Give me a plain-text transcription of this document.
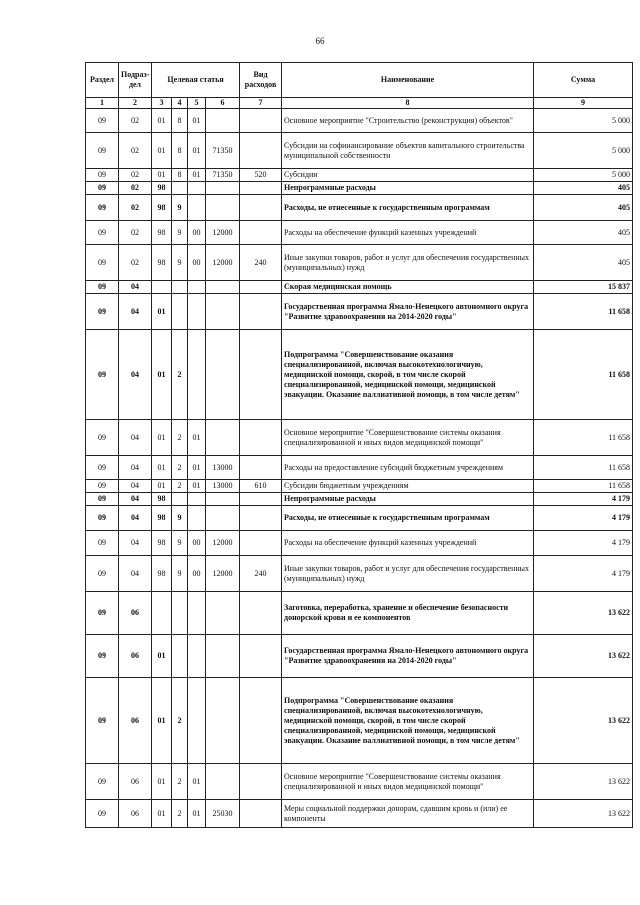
66
Раздел	Подраз-дел	Целевая статья				Вид расходов	Наименование	Сумма
1	2	3	4	5	6	7	8	9
09	02	01	8	01			Основное мероприятие "Строительство (реконструкция) объектов"	5 000
09	02	01	8	01	71350		Субсидии на софинансирование объектов капитального строительства муниципальной собственности	5 000
09	02	01	8	01	71350	520	Субсидии	5 000
09	02	98					Непрограммные расходы	405
09	02	98	9				Расходы, не отнесенные к государственным программам	405
09	02	98	9	00	12000		Расходы на обеспечение функций казенных учреждений	405
09	02	98	9	00	12000	240	Иные закупки товаров, работ и услуг для обеспечения государственных (муниципальных) нужд	405
09	04						Скорая медицинская помощь	15 837
09	04	01					Государственная программа Ямало-Ненецкого автономного округа "Развитие здравоохранения на 2014-2020 годы"	11 658
09	04	01	2				Подпрограмма "Совершенствование оказания специализированной, включая высокотехнологичную, медицинской помощи, скорой, в том числе скорой специализированной, медицинской помощи, медицинской эвакуации. Оказание паллиативной помощи, в том числе детям"	11 658
09	04	01	2	01			Основное мероприятие "Совершенствование системы оказания специализированной и иных видов медицинской помощи"	11 658
09	04	01	2	01	13000		Расходы на предоставление субсидий бюджетным учреждениям	11 658
09	04	01	2	01	13000	610	Субсидии бюджетным учреждениям	11 658
09	04	98					Непрограммные расходы	4 179
09	04	98	9				Расходы, не отнесенные к государственным программам	4 179
09	04	98	9	00	12000		Расходы на обеспечение функций казенных учреждений	4 179
09	04	98	9	00	12000	240	Иные закупки товаров, работ и услуг для обеспечения государственных (муниципальных) нужд	4 179
09	06						Заготовка, переработка, хранение и обеспечение безопасности донорской крови и ее компонентов	13 622
09	06	01					Государственная программа Ямало-Ненецкого автономного округа "Развитие здравоохранения на 2014-2020 годы"	13 622
09	06	01	2				Подпрограмма "Совершенствование оказания специализированной, включая высокотехнологичную, медицинской помощи, скорой, в том числе скорой специализированной, медицинской помощи, медицинской эвакуации. Оказание паллиативной помощи, в том числе детям"	13 622
09	06	01	2	01			Основное мероприятие "Совершенствование системы оказания специализированной и иных видов медицинской помощи"	13 622
09	06	01	2	01	25030		Меры социальной поддержки донорам, сдавшим кровь и (или) ее компоненты	13 622
